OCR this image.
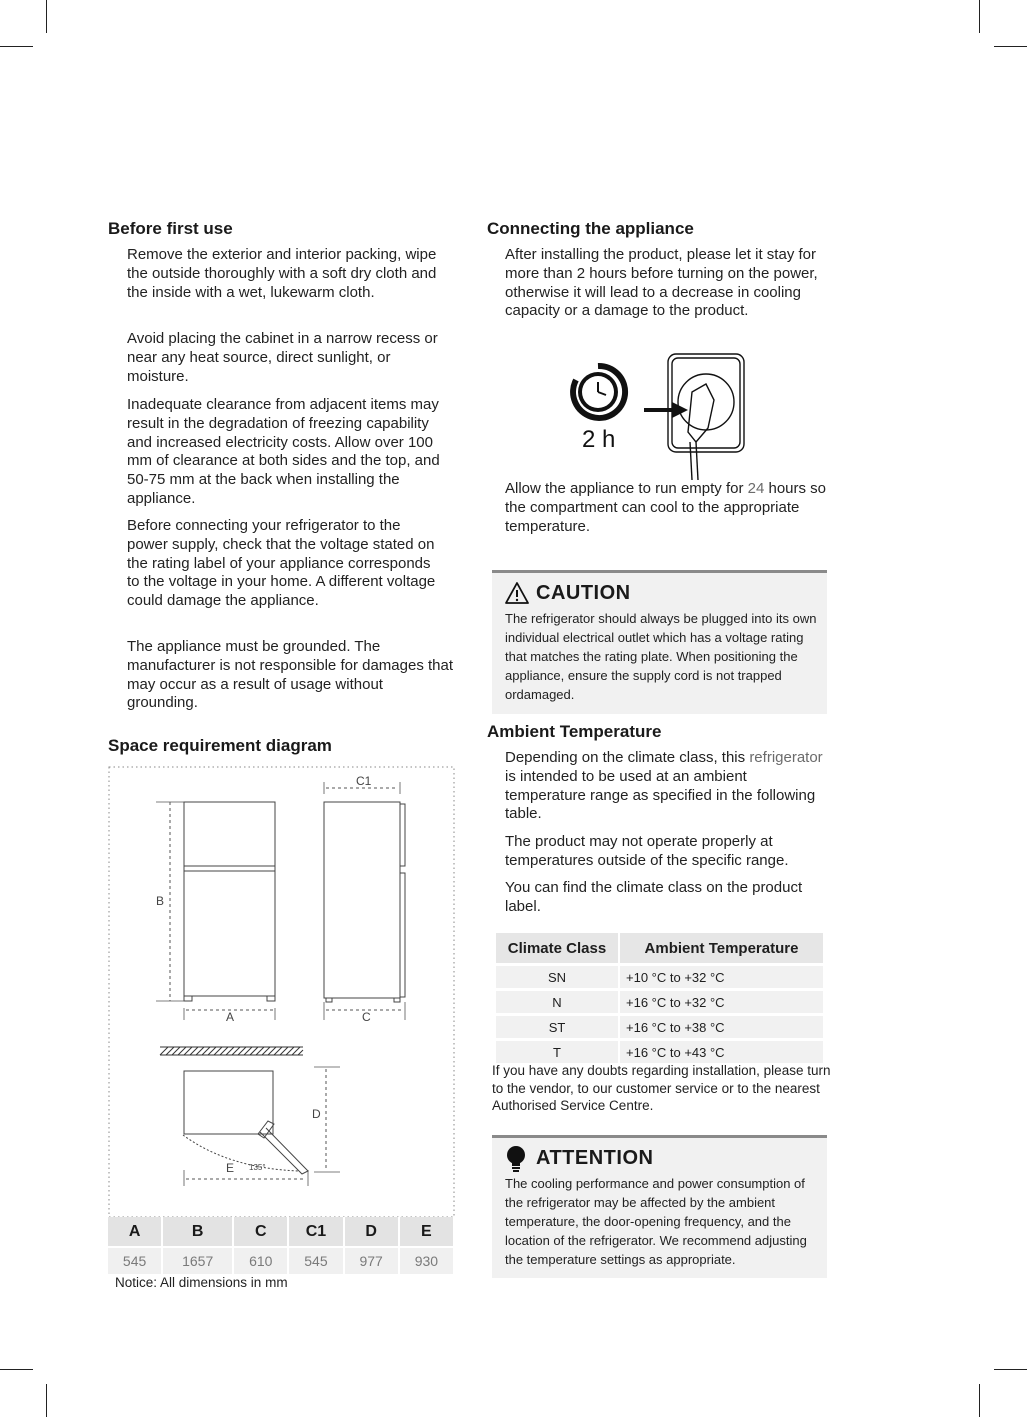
Before first use

Remove the exterior and interior packing, wipe the outside thoroughly with a soft dry cloth and the inside with a wet, lukewarm cloth.

Avoid placing the cabinet in a narrow recess or near any heat source, direct sunlight, or moisture.

Inadequate clearance from adjacent items may result in the degradation of freezing capability and increased electricity costs. Allow over 100 mm of clearance at both sides and the top, and 50-75 mm at the back when installing the appliance.

Before connecting your refrigerator to the power supply, check that the voltage stated on the rating label of your appliance corresponds to the voltage in your home. A different voltage could damage the appliance.

The appliance must be grounded. The manufacturer is not responsible for damages that may occur as a result of usage without grounding.

Space requirement diagram
B
A
C1
C
D
E 135°
A	B	C	C1	D	E
545	1657	610	545	977	930

Notice: All dimensions in mm

Connecting the appliance

After installing the product, please let it stay for more than 2 hours before turning on the power, otherwise it will lead to a decrease in cooling capacity or a damage to the product.

2 h

Allow the appliance to run empty for 24 hours so the compartment can cool to the appropriate temperature.

CAUTION
The refrigerator should always be plugged into its own individual electrical outlet which has a voltage rating that matches the rating plate. When positioning the appliance, ensure the supply cord is not trapped ordamaged.
Ambient Temperature

Depending on the climate class, this refrigerator is intended to be used at an ambient temperature range as specified in the following table.

The product may not operate properly at temperatures outside of the specific range.

You can find the climate class on the product label.

Climate Class	Ambient Temperature
SN	+10 °C to +32 °C
N	+16 °C to +32 °C
ST	+16 °C to +38 °C
T	+16 °C to +43 °C

If you have any doubts regarding installation, please turn to the vendor, to our customer service or to the nearest Authorised Service Centre.

ATTENTION
The cooling performance and power consumption of the refrigerator may be affected by the ambient temperature, the door-opening frequency, and the location of the refrigerator. We recommend adjusting the temperature settings as appropriate.
